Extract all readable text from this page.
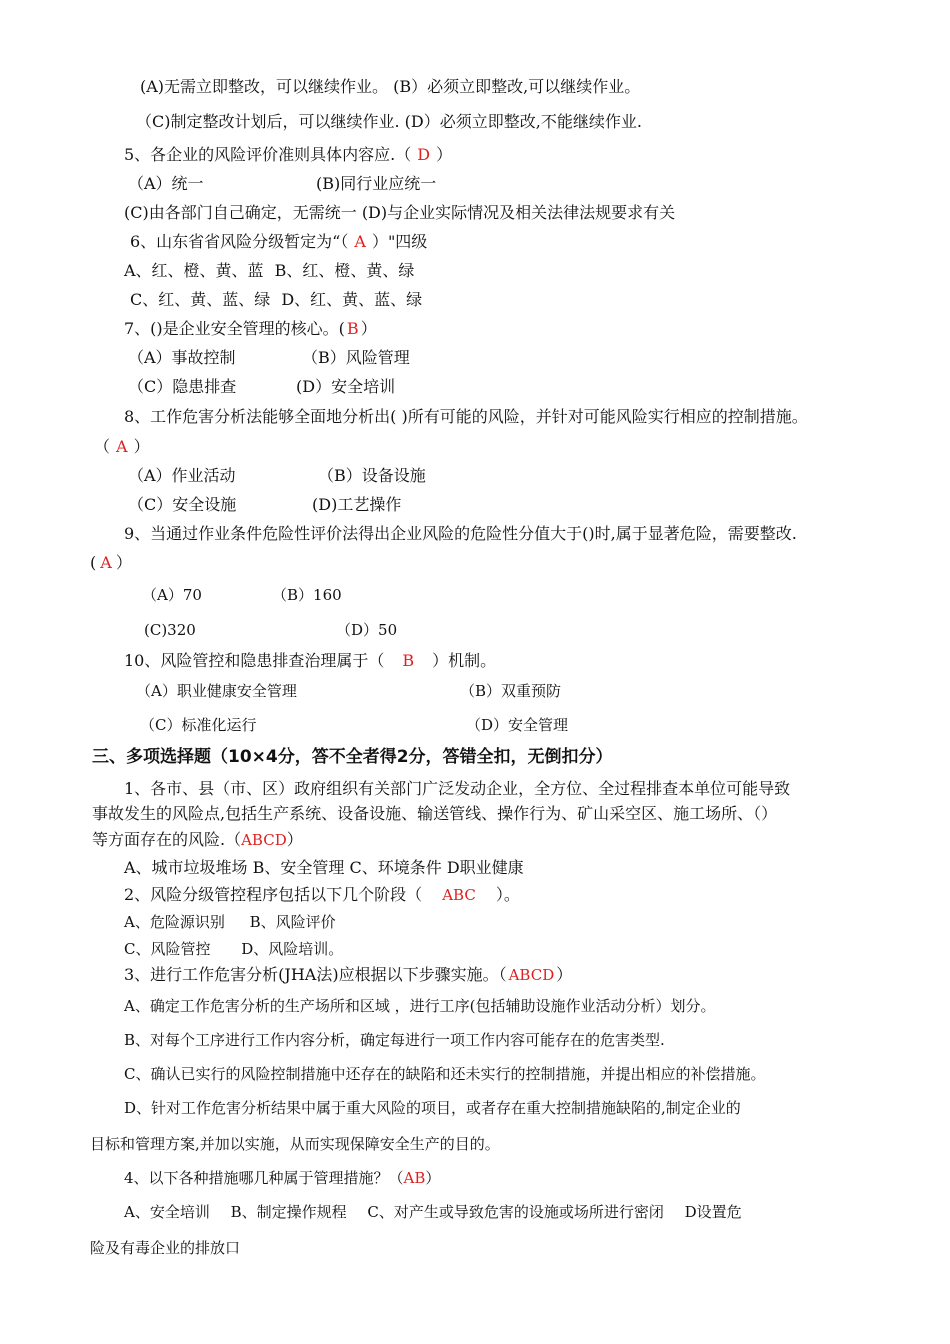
(A)无需立即整改，可以继续作业。 (B）必须立即整改,可以继续作业。
（C)制定整改计划后，可以继续作业. (D）必须立即整改,不能继续作业.
5、各企业的风险评价准则具体内容应.（ D ）
（A）统一	(B)同行业应统一
(C)由各部门自己确定，无需统一 (D)与企业实际情况及相关法律法规要求有关
6、山东省省风险分级暂定为“（ A ）"四级
A、红、橙、黄、蓝 B、红、橙、黄、绿
C、红、黄、蓝、绿 D、红、黄、蓝、绿
7、()是企业安全管理的核心。( B ）
（A）事故控制	（B）风险管理
（C）隐患排查	(D）安全培训
8、工作危害分析法能够全面地分析出( )所有可能的风险，并针对可能风险实行相应的控制措施。
（ A ）
（A）作业活动	（B）设备设施
（C）安全设施	(D)工艺操作
9、当通过作业条件危险性评价法得出企业风险的危险性分值大于()时,属于显著危险，需要整改.
( A ）
（A）70	（B）160
(C)320	（D）50
10、风险管控和隐患排查治理属于（ B ）机制。
（A）职业健康安全管理	（B）双重预防
（C）标准化运行	（D）安全管理
三、多项选择题（10×4分，答不全者得2分，答错全扣，无倒扣分）
1、各市、县（市、区）政府组织有关部门广泛发动企业，全方位、全过程排查本单位可能导致
事故发生的风险点,包括生产系统、设备设施、输送管线、操作行为、矿山采空区、施工场所、（）
等方面存在的风险.（ABCD）
A、城市垃圾堆场 B、安全管理 C、环境条件 D职业健康
2、风险分级管控程序包括以下几个阶段（ ABC ）。
A、危险源识别 B、风险评价
C、风险管控 D、风险培训。
3、进行工作危害分析(JHA法)应根据以下步骤实施。（ ABCD ）
A、确定工作危害分析的生产场所和区域 ，进行工序(包括辅助设施作业活动分析）划分。
B、对每个工序进行工作内容分析，确定每进行一项工作内容可能存在的危害类型.
C、确认已实行的风险控制措施中还存在的缺陷和还未实行的控制措施，并提出相应的补偿措施。
D、针对工作危害分析结果中属于重大风险的项目，或者存在重大控制措施缺陷的,制定企业的
目标和管理方案,并加以实施，从而实现保障安全生产的目的。
4、以下各种措施哪几种属于管理措施？（AB）
A、安全培训 B、制定操作规程 C、对产生或导致危害的设施或场所进行密闭 D设置危
险及有毒企业的排放口
